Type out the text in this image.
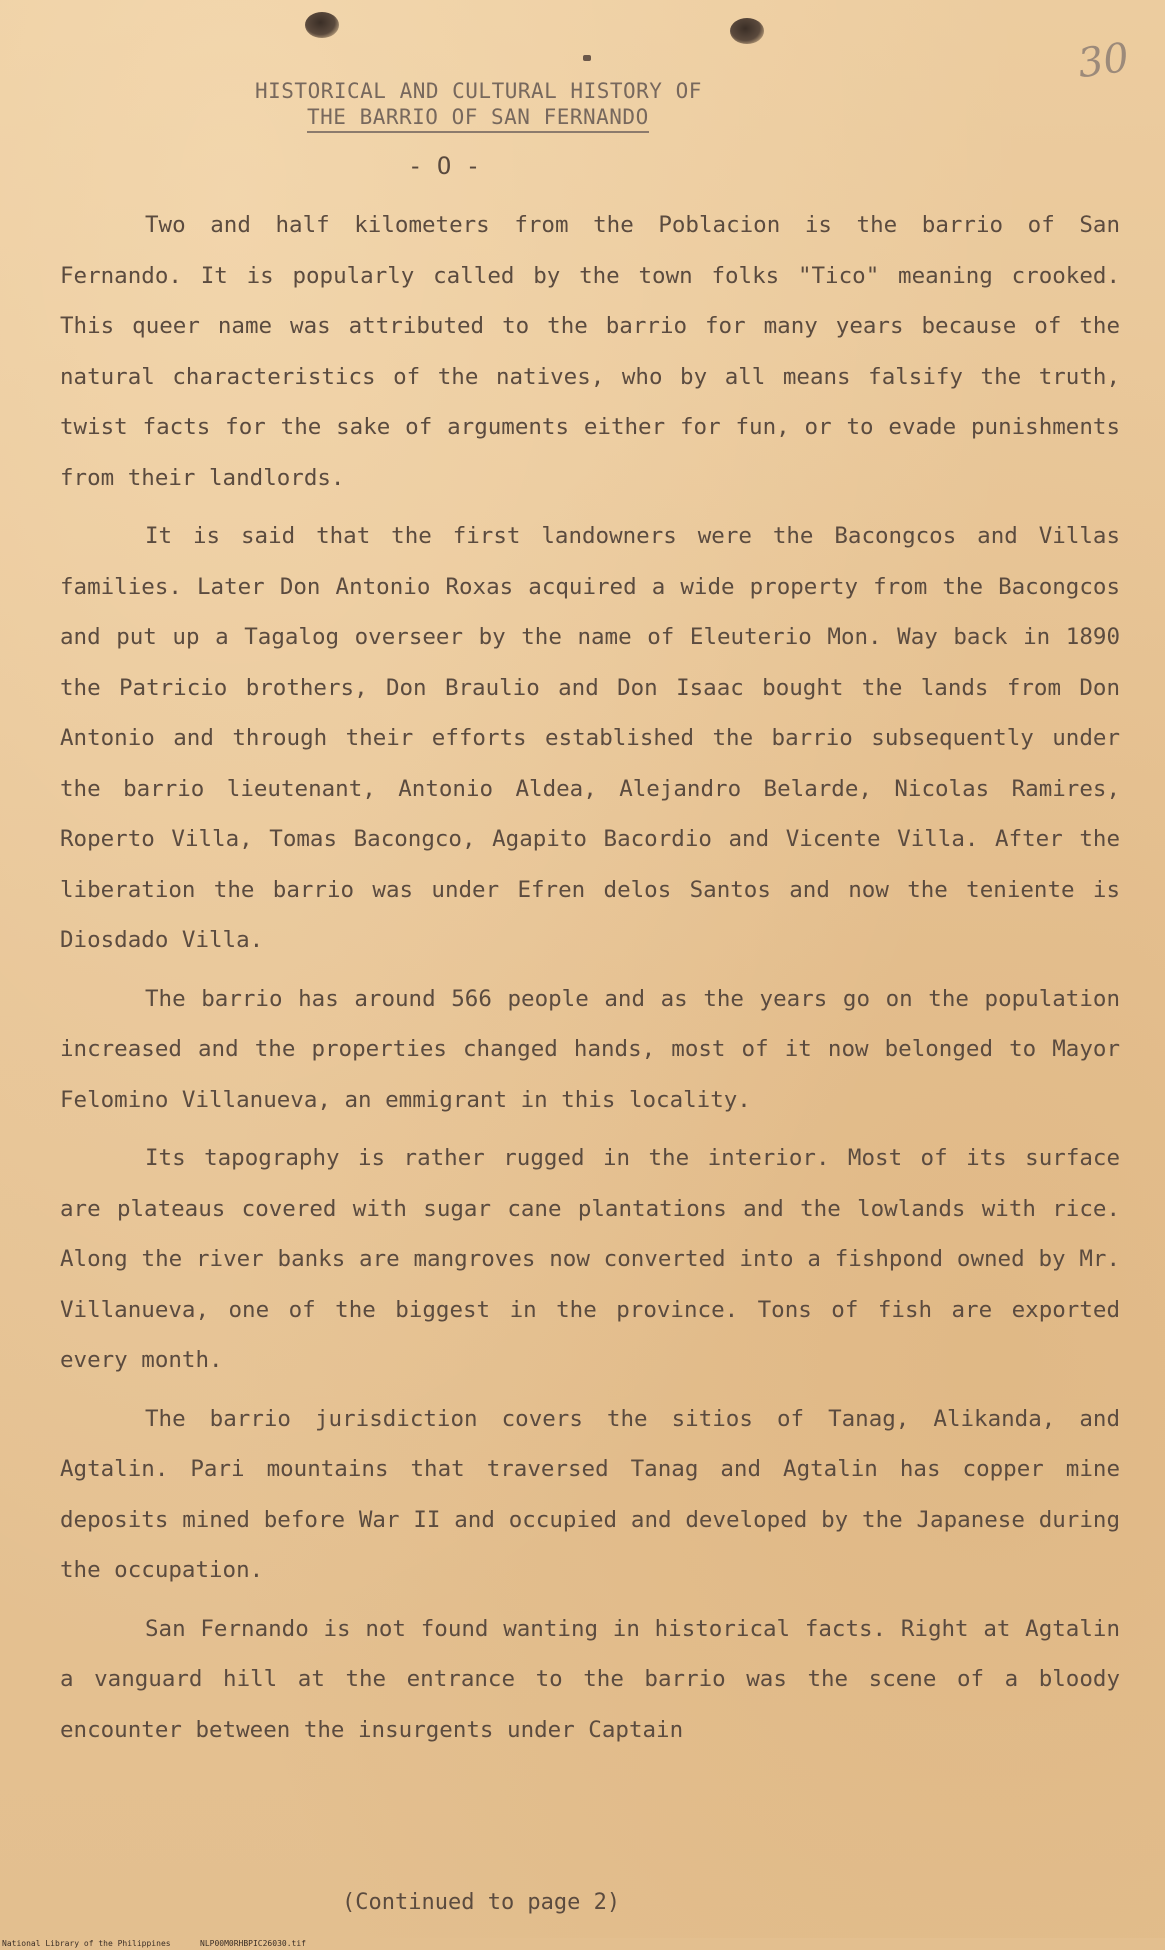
30
HISTORICAL AND CULTURAL HISTORY OF
THE BARRIO OF SAN FERNANDO
- O -

Two and half kilometers from the Poblacion is the barrio of San Fernando. It is popularly called by the town folks "Tico" meaning crooked. This queer name was attributed to the barrio for many years because of the natural characteristics of the natives, who by all means falsify the truth, twist facts for the sake of arguments either for fun, or to evade punishments from their landlords.

It is said that the first landowners were the Bacongcos and Villas families. Later Don Antonio Roxas acquired a wide property from the Bacongcos and put up a Tagalog overseer by the name of Eleuterio Mon. Way back in 1890 the Patricio brothers, Don Braulio and Don Isaac bought the lands from Don Antonio and through their efforts established the barrio subsequently under the barrio lieutenant, Antonio Aldea, Alejandro Belarde, Nicolas Ramires, Roperto Villa, Tomas Bacongco, Agapito Bacordio and Vicente Villa. After the liberation the barrio was under Efren delos Santos and now the teniente is Diosdado Villa.

The barrio has around 566 people and as the years go on the population increased and the properties changed hands, most of it now belonged to Mayor Felomino Villanueva, an emmigrant in this locality.

Its tapography is rather rugged in the interior. Most of its surface are plateaus covered with sugar cane plantations and the lowlands with rice. Along the river banks are mangroves now converted into a fishpond owned by Mr. Villanueva, one of the biggest in the province. Tons of fish are exported every month.

The barrio jurisdiction covers the sitios of Tanag, Alikanda, and Agtalin. Pari mountains that traversed Tanag and Agtalin has copper mine deposits mined before War II and occupied and developed by the Japanese during the occupation.

San Fernando is not found wanting in historical facts. Right at Agtalin a vanguard hill at the entrance to the barrio was the scene of a bloody encounter between the insurgents under Captain

(Continued to page 2)
National Library of the Philippines	NLP00M0RHBPIC26030.tif
